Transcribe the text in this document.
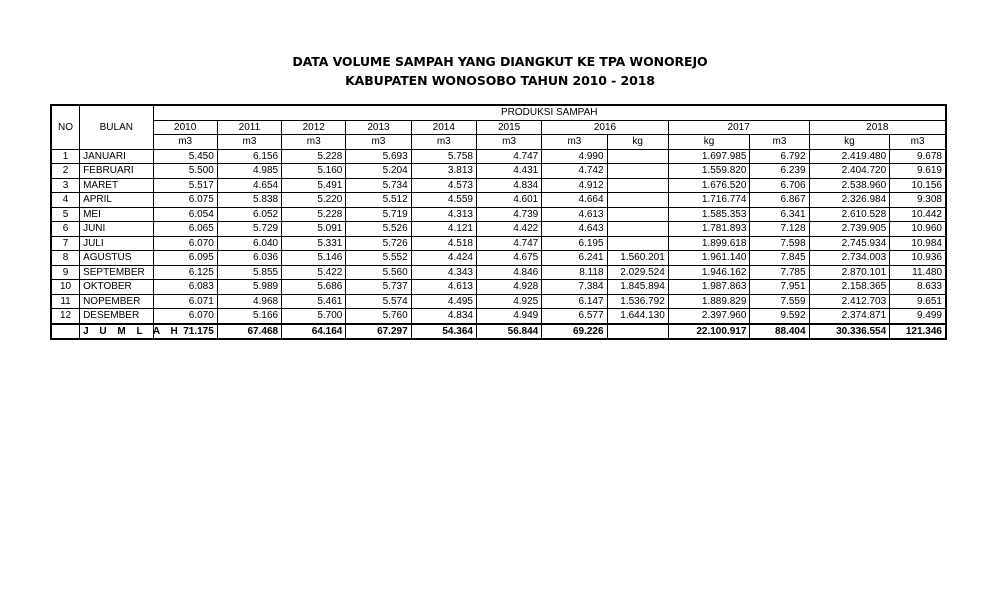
DATA VOLUME SAMPAH YANG DIANGKUT KE TPA WONOREJO
KABUPATEN WONOSOBO TAHUN 2010 - 2018
NO	BULAN	PRODUKSI SAMPAH											
		2010	2011	2012	2013	2014	2015	2016		2017		2018	
		m3	m3	m3	m3	m3	m3	m3	kg	kg	m3	kg	m3
1	JANUARI	5.450	6.156	5.228	5.693	5.758	4.747	4.990		1.697.985	6.792	2.419.480	9.678
2	FEBRUARI	5.500	4.985	5.160	5.204	3.813	4.431	4.742		1.559.820	6.239	2.404.720	9.619
3	MARET	5.517	4.654	5.491	5.734	4.573	4.834	4.912		1.676.520	6.706	2.538.960	10.156
4	APRIL	6.075	5.838	5.220	5.512	4.559	4.601	4.664		1.716.774	6.867	2.326.984	9.308
5	MEI	6.054	6.052	5.228	5.719	4.313	4.739	4.613		1.585.353	6.341	2.610.528	10.442
6	JUNI	6.065	5.729	5.091	5.526	4.121	4.422	4.643		1.781.893	7.128	2.739.905	10.960
7	JULI	6.070	6.040	5.331	5.726	4.518	4.747	6.195		1.899.618	7.598	2.745.934	10.984
8	AGUSTUS	6.095	6.036	5.146	5.552	4.424	4.675	6.241	1.560.201	1.961.140	7.845	2.734.003	10.936
9	SEPTEMBER	6.125	5.855	5.422	5.560	4.343	4.846	8.118	2.029.524	1.946.162	7.785	2.870.101	11.480
10	OKTOBER	6.083	5.989	5.686	5.737	4.613	4.928	7.384	1.845.894	1.987.863	7.951	2.158.365	8.633
11	NOPEMBER	6.071	4.968	5.461	5.574	4.495	4.925	6.147	1.536.792	1.889.829	7.559	2.412.703	9.651
12	DESEMBER	6.070	5.166	5.700	5.760	4.834	4.949	6.577	1.644.130	2.397.960	9.592	2.374.871	9.499
	J U M L A H	71.175	67.468	64.164	67.297	54.364	56.844	69.226		22.100.917	88.404	30.336.554	121.346
